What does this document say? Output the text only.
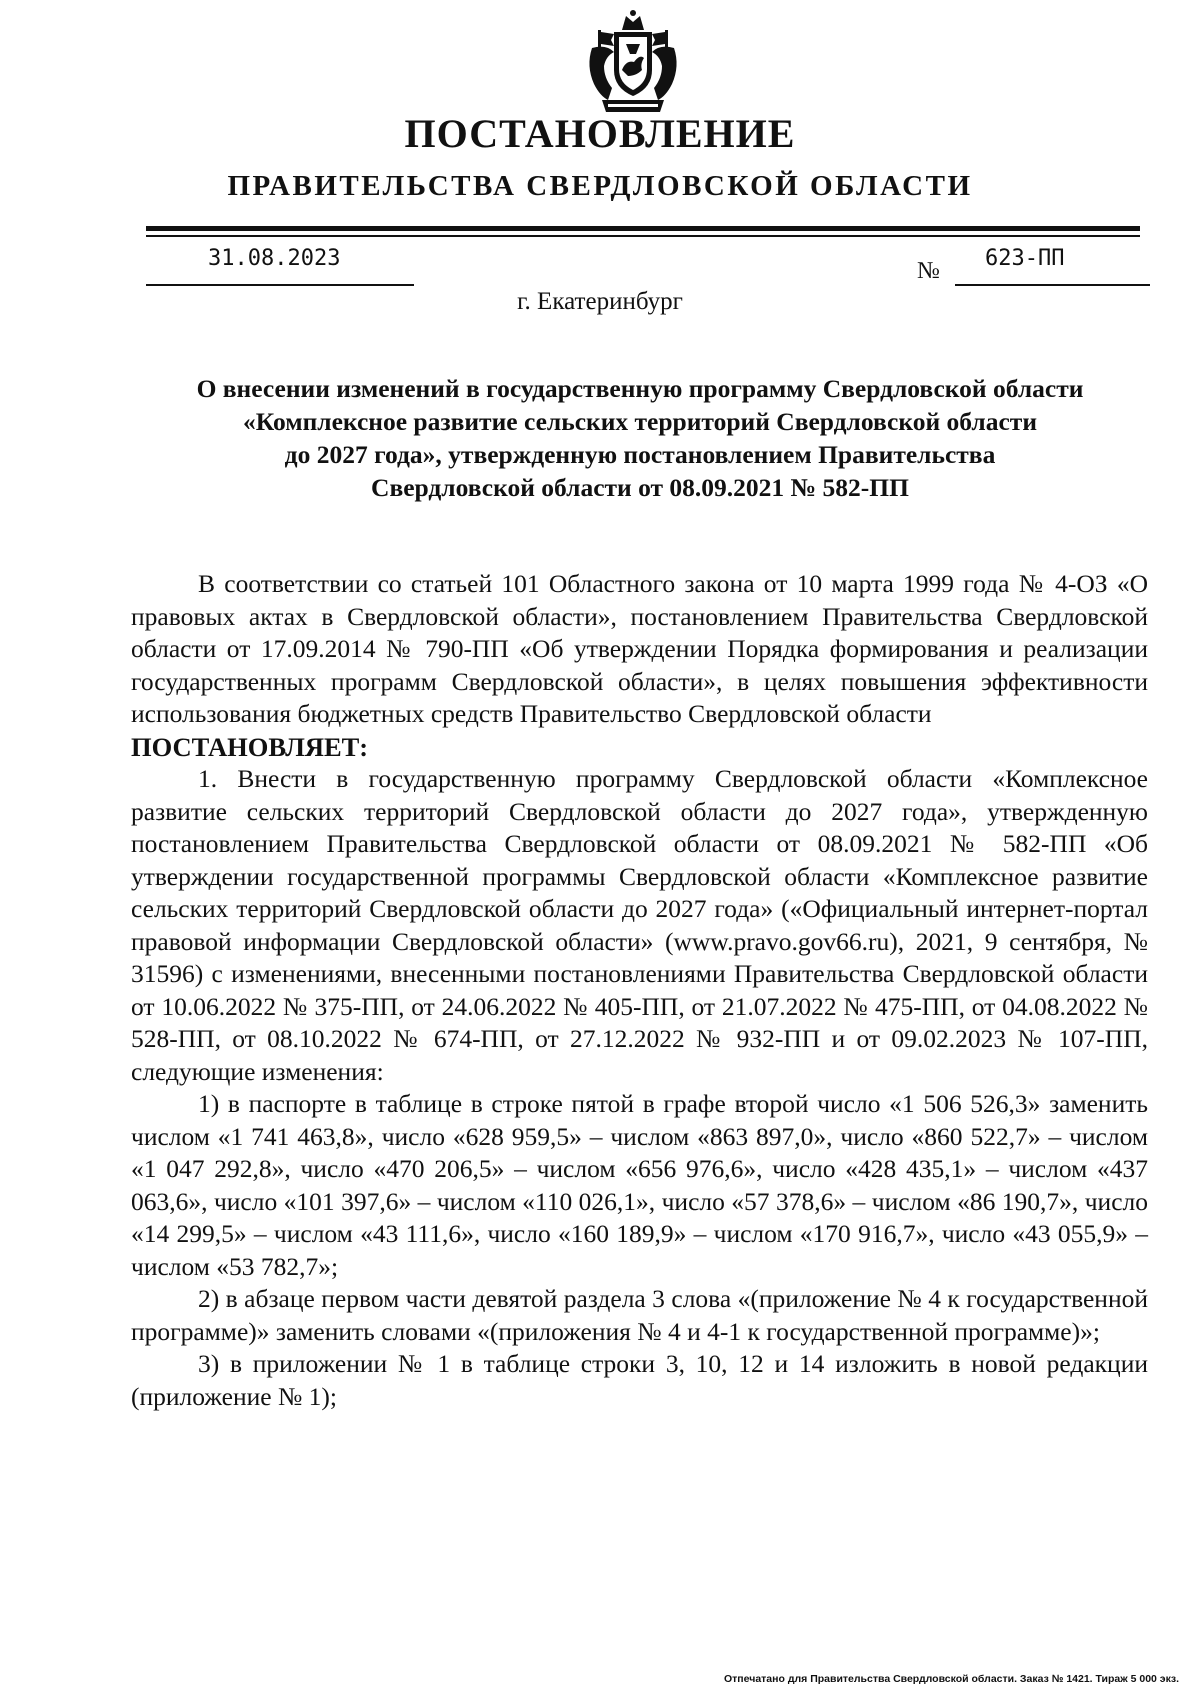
ПОСТАНОВЛЕНИЕ
ПРАВИТЕЛЬСТВА СВЕРДЛОВСКОЙ ОБЛАСТИ
31.08.2023	№ 623-ПП
г. Екатеринбург
О внесении изменений в государственную программу Свердловской области
«Комплексное развитие сельских территорий Свердловской области
до 2027 года», утвержденную постановлением Правительства
Свердловской области от 08.09.2021 № 582-ПП

В соответствии со статьей 101 Областного закона от 10 марта 1999 года № 4-ОЗ «О правовых актах в Свердловской области», постановлением Правительства Свердловской области от 17.09.2014 № 790-ПП «Об утверждении Порядка формирования и реализации государственных программ Свердловской области», в целях повышения эффективности использования бюджетных средств Правительство Свердловской области

ПОСТАНОВЛЯЕТ:

1. Внести в государственную программу Свердловской области «Комплексное развитие сельских территорий Свердловской области до 2027 года», утвержденную постановлением Правительства Свердловской области от 08.09.2021 № 582-ПП «Об утверждении государственной программы Свердловской области «Комплексное развитие сельских территорий Свердловской области до 2027 года» («Официальный интернет-портал правовой информации Свердловской области» (www.pravo.gov66.ru), 2021, 9 сентября, № 31596) с изменениями, внесенными постановлениями Правительства Свердловской области от 10.06.2022 № 375-ПП, от 24.06.2022 № 405-ПП, от 21.07.2022 № 475-ПП, от 04.08.2022 № 528-ПП, от 08.10.2022 № 674-ПП, от 27.12.2022 № 932-ПП и от 09.02.2023 № 107-ПП, следующие изменения:

1) в паспорте в таблице в строке пятой в графе второй число «1 506 526,3» заменить числом «1 741 463,8», число «628 959,5» – числом «863 897,0», число «860 522,7» – числом «1 047 292,8», число «470 206,5» – числом «656 976,6», число «428 435,1» – числом «437 063,6», число «101 397,6» – числом «110 026,1», число «57 378,6» – числом «86 190,7», число «14 299,5» – числом «43 111,6», число «160 189,9» – числом «170 916,7», число «43 055,9» – числом «53 782,7»;

2) в абзаце первом части девятой раздела 3 слова «(приложение № 4 к государственной программе)» заменить словами «(приложения № 4 и 4-1 к государственной программе)»;

3) в приложении № 1 в таблице строки 3, 10, 12 и 14 изложить в новой редакции (приложение № 1);

Отпечатано для Правительства Свердловской области. Заказ № 1421. Тираж 5 000 экз.
